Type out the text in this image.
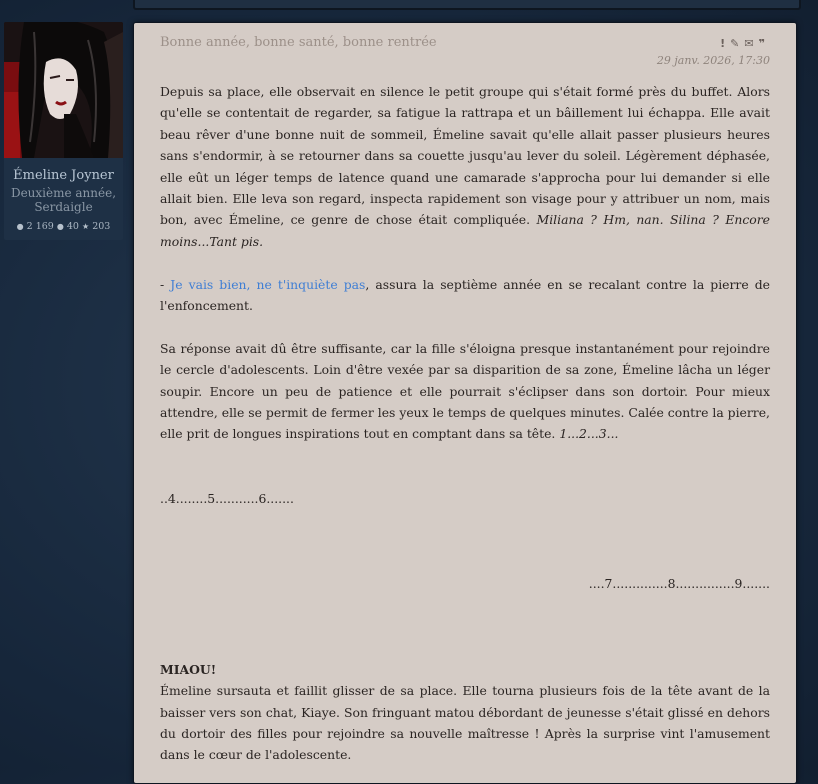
Émeline Joyner
Deuxième année, Serdaigle
● 2 169 ● 40 ★ 203
Bonne année, bonne santé, bonne rentrée	!✎✉❞
29 janv. 2026, 17:30

Depuis sa place, elle observait en silence le petit groupe qui s'était formé près du buffet. Alors qu'elle se contentait de regarder, sa fatigue la rattrapa et un bâillement lui échappa. Elle avait beau rêver d'une bonne nuit de sommeil, Émeline savait qu'elle allait passer plusieurs heures sans s'endormir, à se retourner dans sa couette jusqu'au lever du soleil. Légèrement déphasée, elle eût un léger temps de latence quand une camarade s'approcha pour lui demander si elle allait bien. Elle leva son regard, inspecta rapidement son visage pour y attribuer un nom, mais bon, avec Émeline, ce genre de chose était compliquée. Miliana ? Hm, nan. Silina ? Encore moins...Tant pis.

- Je vais bien, ne t'inquiète pas, assura la septième année en se recalant contre la pierre de l'enfoncement.

Sa réponse avait dû être suffisante, car la fille s'éloigna presque instantanément pour rejoindre le cercle d'adolescents. Loin d'être vexée par sa disparition de sa zone, Émeline lâcha un léger soupir. Encore un peu de patience et elle pourrait s'éclipser dans son dortoir. Pour mieux attendre, elle se permit de fermer les yeux le temps de quelques minutes. Calée contre la pierre, elle prit de longues inspirations tout en comptant dans sa tête. 1...2...3...

..4........5...........6.......

....7..............8...............9.......

MIAOU!

Émeline sursauta et faillit glisser de sa place. Elle tourna plusieurs fois de la tête avant de la baisser vers son chat, Kiaye. Son fringuant matou débordant de jeunesse s'était glissé en dehors du dortoir des filles pour rejoindre sa nouvelle maîtresse ! Après la surprise vint l'amusement dans le cœur de l'adolescente.
